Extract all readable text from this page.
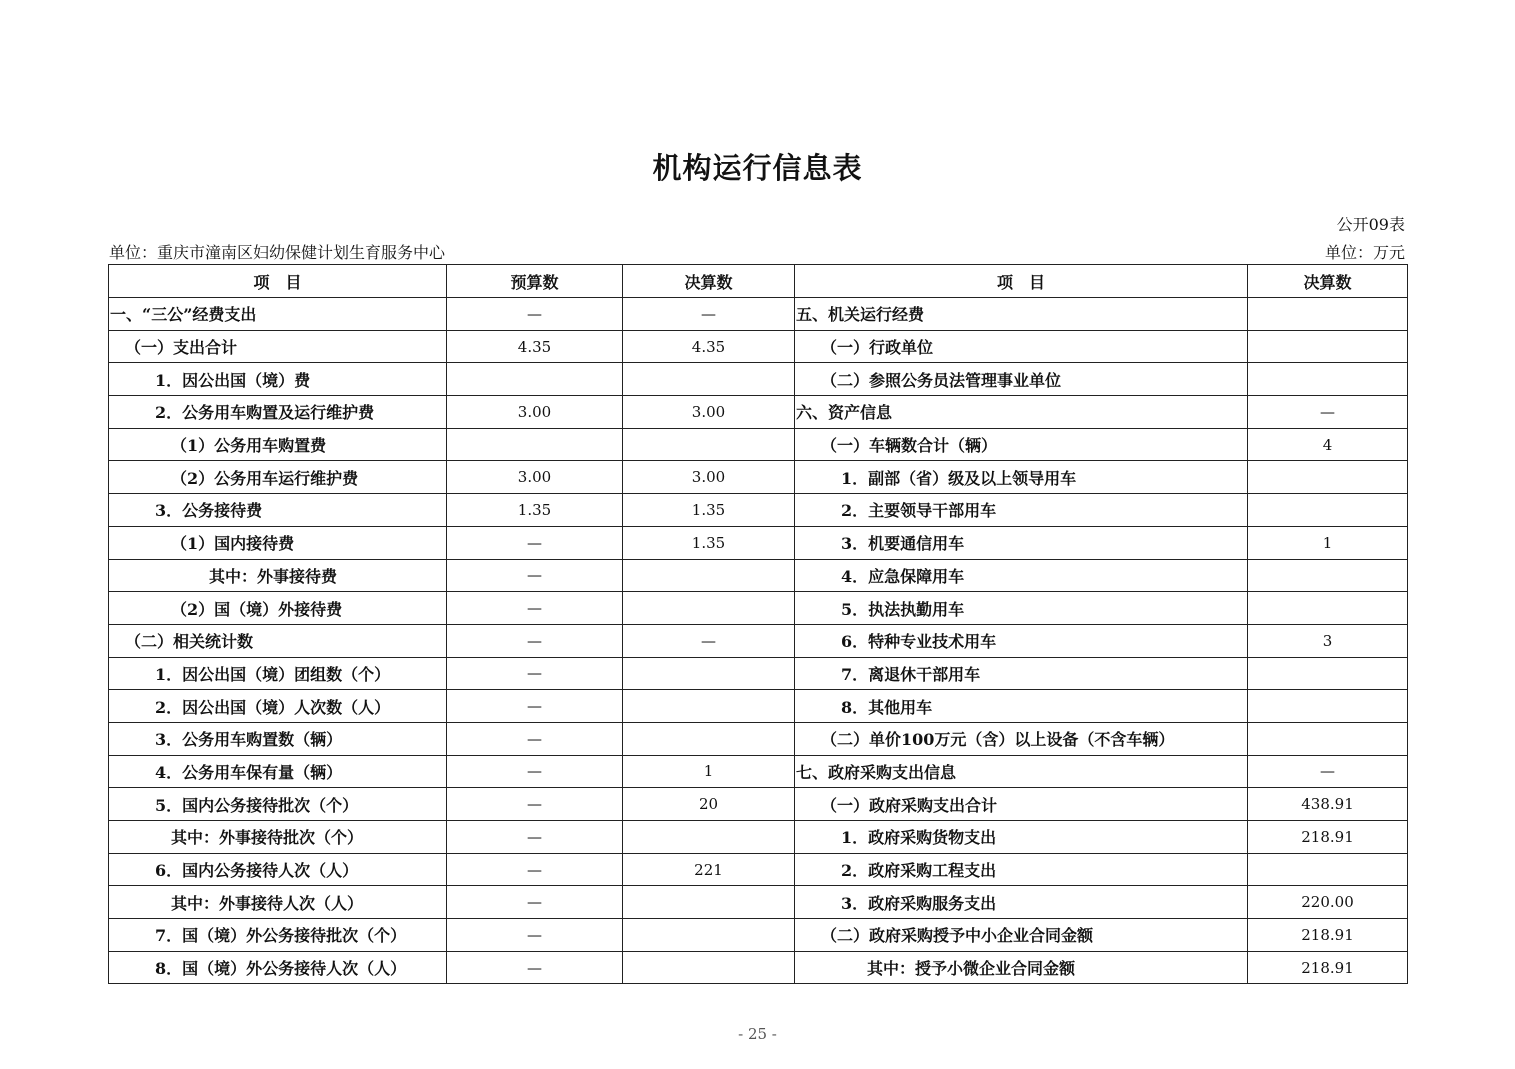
机构运行信息表
公开09表
单位：重庆市潼南区妇幼保健计划生育服务中心	单位：万元
项　目	预算数	决算数	项　目	决算数
一、“三公”经费支出	—	—	五、机关运行经费	
（一）支出合计	4.35	4.35	（一）行政单位	
1．因公出国（境）费			（二）参照公务员法管理事业单位	
2．公务用车购置及运行维护费	3.00	3.00	六、资产信息	—
（1）公务用车购置费			（一）车辆数合计（辆）	4
（2）公务用车运行维护费	3.00	3.00	1．副部（省）级及以上领导用车	
3．公务接待费	1.35	1.35	2．主要领导干部用车	
（1）国内接待费	—	1.35	3．机要通信用车	1
其中：外事接待费	—		4．应急保障用车	
（2）国（境）外接待费	—		5．执法执勤用车	
（二）相关统计数	—	—	6．特种专业技术用车	3
1．因公出国（境）团组数（个）	—		7．离退休干部用车	
2．因公出国（境）人次数（人）	—		8．其他用车	
3．公务用车购置数（辆）	—		（二）单价100万元（含）以上设备（不含车辆）	
4．公务用车保有量（辆）	—	1	七、政府采购支出信息	—
5．国内公务接待批次（个）	—	20	（一）政府采购支出合计	438.91
其中：外事接待批次（个）	—		1．政府采购货物支出	218.91
6．国内公务接待人次（人）	—	221	2．政府采购工程支出	
其中：外事接待人次（人）	—		3．政府采购服务支出	220.00
7．国（境）外公务接待批次（个）	—		（二）政府采购授予中小企业合同金额	218.91
8．国（境）外公务接待人次（人）	—		其中：授予小微企业合同金额	218.91
- 25 -
